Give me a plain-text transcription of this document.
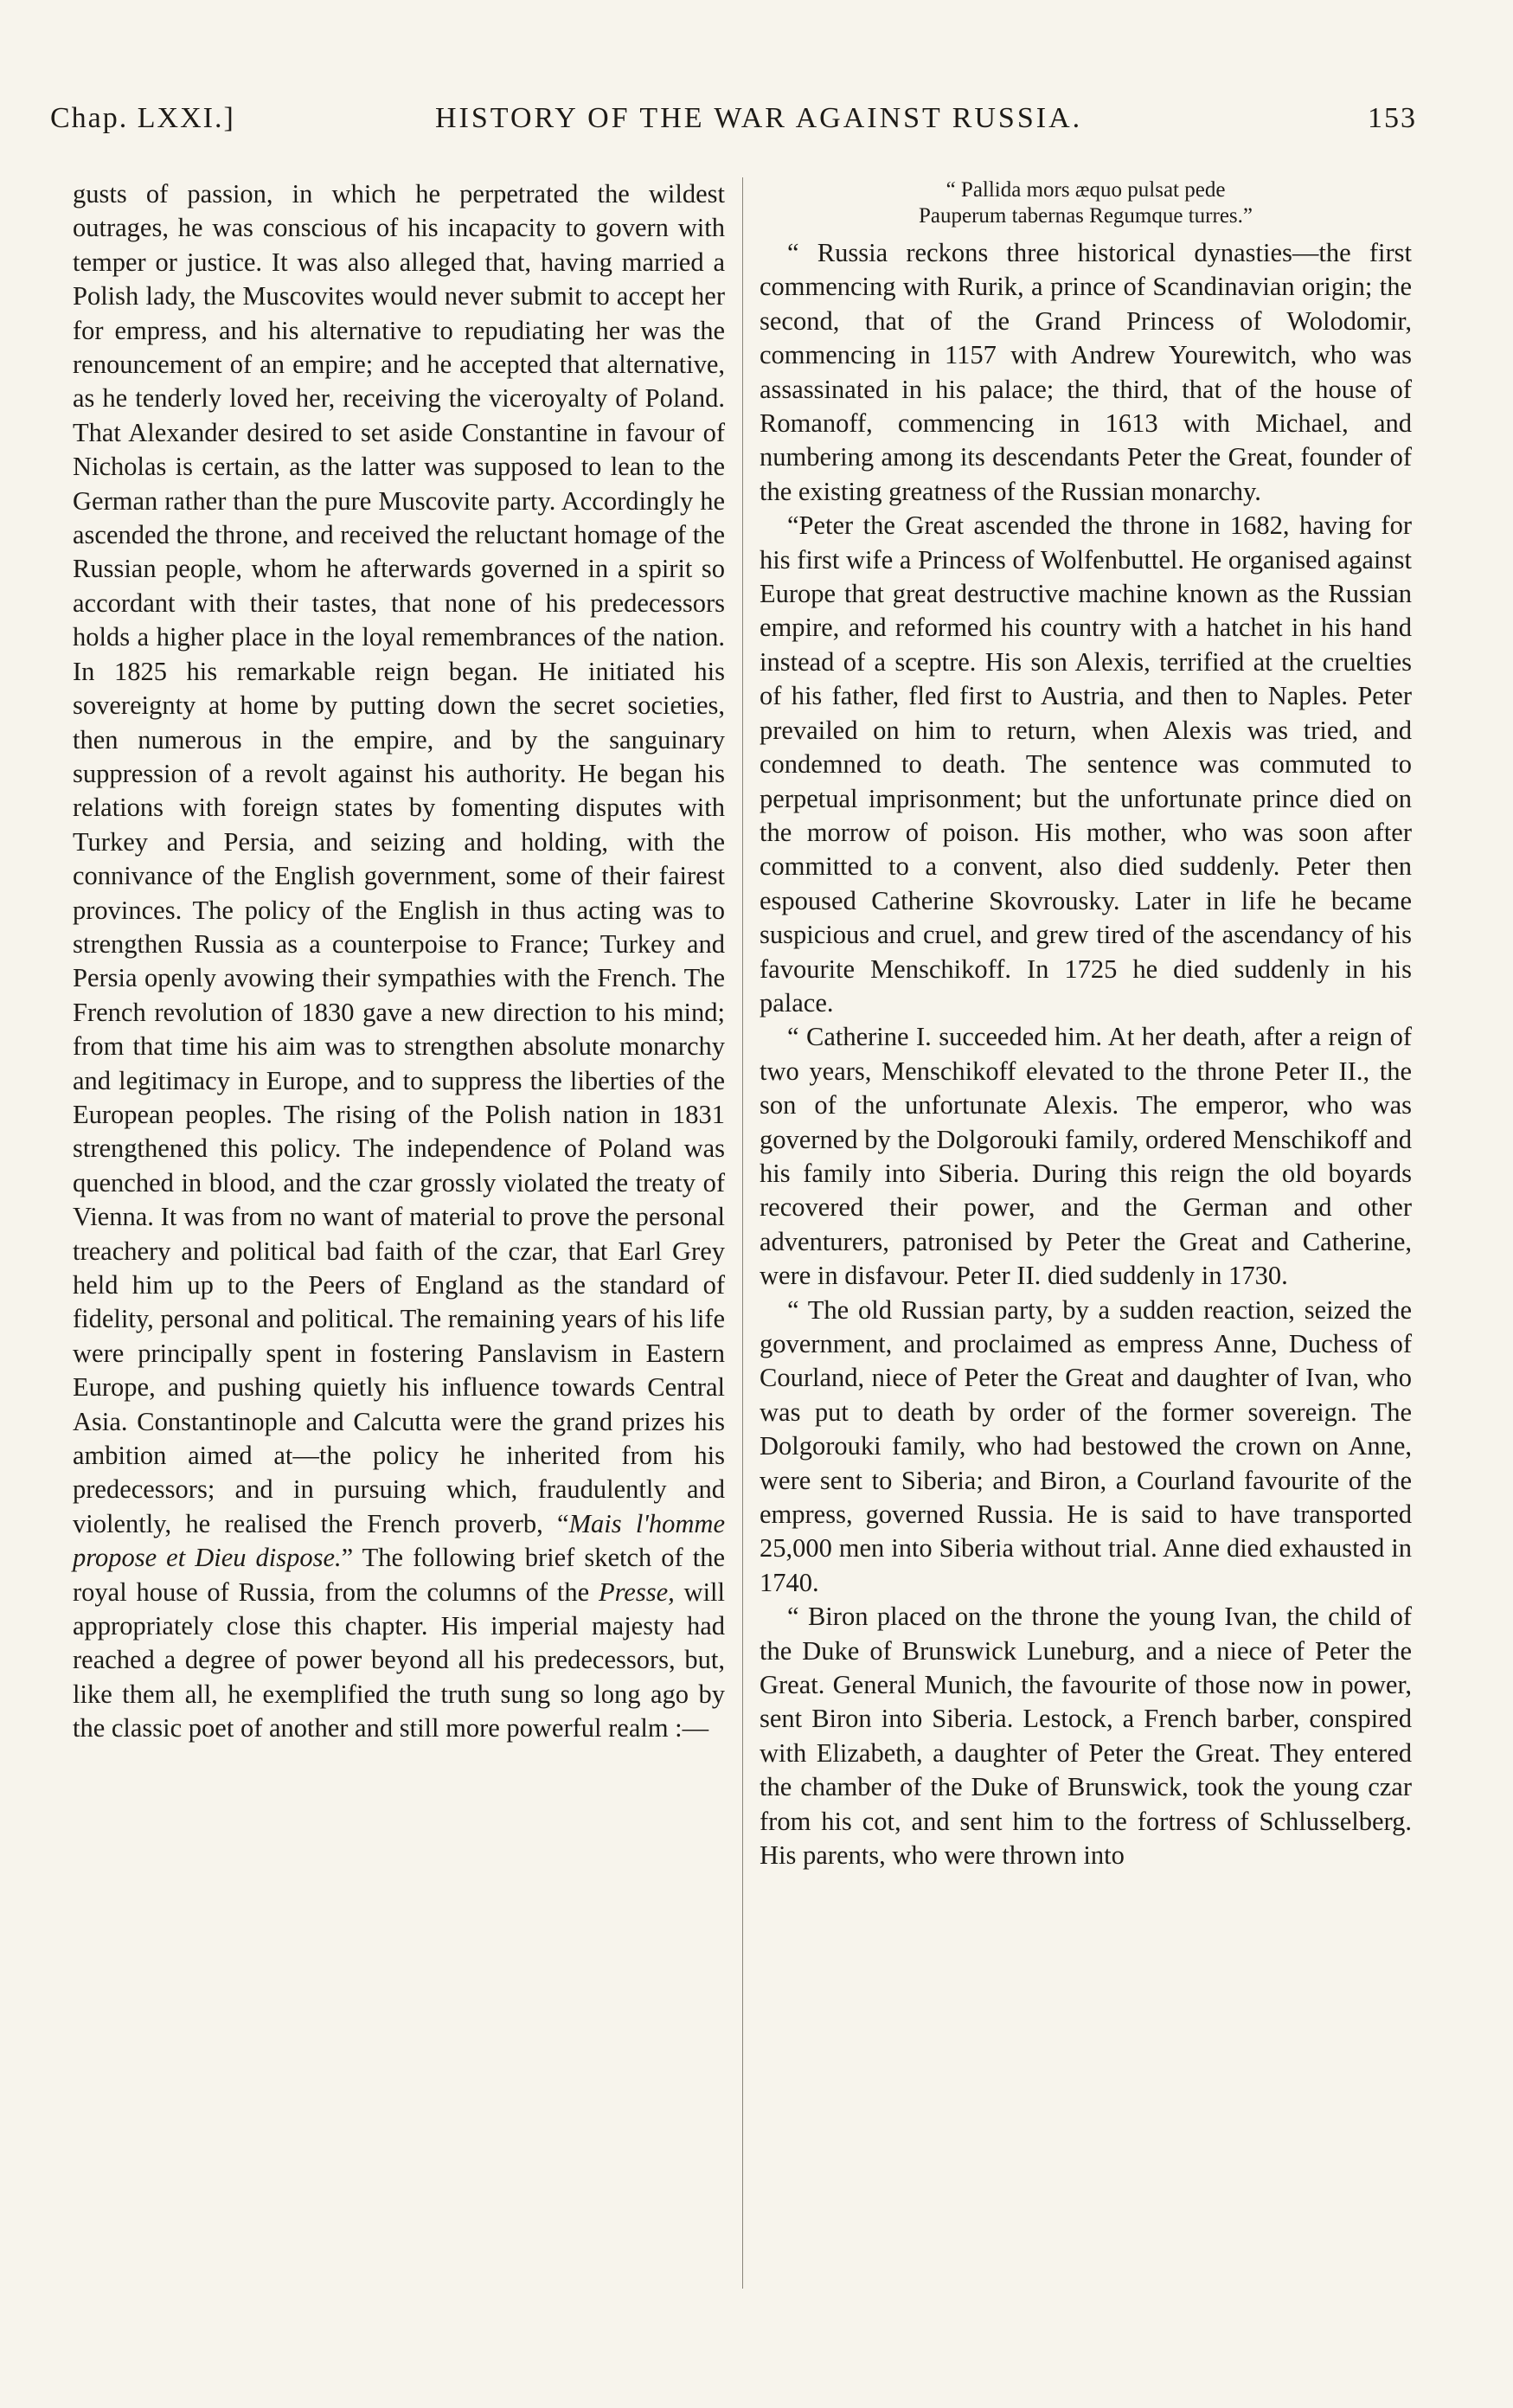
Chap. LXXI.]	HISTORY OF THE WAR AGAINST RUSSIA.	153

gusts of passion, in which he perpetrated the wildest outrages, he was conscious of his incapacity to govern with temper or justice. It was also alleged that, having married a Polish lady, the Muscovites would never submit to accept her for empress, and his alternative to repudiating her was the renouncement of an empire; and he accepted that alternative, as he tenderly loved her, receiving the viceroyalty of Poland. That Alexander desired to set aside Constantine in favour of Nicholas is certain, as the latter was supposed to lean to the German rather than the pure Muscovite party. Accordingly he ascended the throne, and received the reluctant homage of the Russian people, whom he afterwards governed in a spirit so accordant with their tastes, that none of his predecessors holds a higher place in the loyal remembrances of the nation. In 1825 his remarkable reign began. He initiated his sovereignty at home by putting down the secret societies, then numerous in the empire, and by the sanguinary suppression of a revolt against his authority. He began his relations with foreign states by fomenting disputes with Turkey and Persia, and seizing and holding, with the connivance of the English government, some of their fairest provinces. The policy of the English in thus acting was to strengthen Russia as a counterpoise to France; Turkey and Persia openly avowing their sympathies with the French. The French revolution of 1830 gave a new direction to his mind; from that time his aim was to strengthen absolute monarchy and legitimacy in Europe, and to suppress the liberties of the European peoples. The rising of the Polish nation in 1831 strengthened this policy. The independence of Poland was quenched in blood, and the czar grossly violated the treaty of Vienna. It was from no want of material to prove the personal treachery and political bad faith of the czar, that Earl Grey held him up to the Peers of England as the standard of fidelity, personal and political. The remaining years of his life were principally spent in fostering Panslavism in Eastern Europe, and pushing quietly his influence towards Central Asia. Constantinople and Calcutta were the grand prizes his ambition aimed at—the policy he inherited from his predecessors; and in pursuing which, fraudulently and violently, he realised the French proverb, “Mais l'homme propose et Dieu dispose.” The following brief sketch of the royal house of Russia, from the columns of the Presse, will appropriately close this chapter. His imperial majesty had reached a degree of power beyond all his predecessors, but, like them all, he exemplified the truth sung so long ago by the classic poet of another and still more powerful realm :—

“ Pallida mors æquo pulsat pede
Pauperum tabernas Regumque turres.”

“ Russia reckons three historical dynasties—the first commencing with Rurik, a prince of Scandinavian origin; the second, that of the Grand Princess of Wolodomir, commencing in 1157 with Andrew Yourewitch, who was assassinated in his palace; the third, that of the house of Romanoff, commencing in 1613 with Michael, and numbering among its descendants Peter the Great, founder of the existing greatness of the Russian monarchy.

“Peter the Great ascended the throne in 1682, having for his first wife a Princess of Wolfenbuttel. He organised against Europe that great destructive machine known as the Russian empire, and reformed his country with a hatchet in his hand instead of a sceptre. His son Alexis, terrified at the cruelties of his father, fled first to Austria, and then to Naples. Peter prevailed on him to return, when Alexis was tried, and condemned to death. The sentence was commuted to perpetual imprisonment; but the unfortunate prince died on the morrow of poison. His mother, who was soon after committed to a convent, also died suddenly. Peter then espoused Catherine Skovrousky. Later in life he became suspicious and cruel, and grew tired of the ascendancy of his favourite Menschikoff. In 1725 he died suddenly in his palace.

“ Catherine I. succeeded him. At her death, after a reign of two years, Menschikoff elevated to the throne Peter II., the son of the unfortunate Alexis. The emperor, who was governed by the Dolgorouki family, ordered Menschikoff and his family into Siberia. During this reign the old boyards recovered their power, and the German and other adventurers, patronised by Peter the Great and Catherine, were in disfavour. Peter II. died suddenly in 1730.

“ The old Russian party, by a sudden reaction, seized the government, and proclaimed as empress Anne, Duchess of Courland, niece of Peter the Great and daughter of Ivan, who was put to death by order of the former sovereign. The Dolgorouki family, who had bestowed the crown on Anne, were sent to Siberia; and Biron, a Courland favourite of the empress, governed Russia. He is said to have transported 25,000 men into Siberia without trial. Anne died exhausted in 1740.

“ Biron placed on the throne the young Ivan, the child of the Duke of Brunswick Luneburg, and a niece of Peter the Great. General Munich, the favourite of those now in power, sent Biron into Siberia. Lestock, a French barber, conspired with Elizabeth, a daughter of Peter the Great. They entered the chamber of the Duke of Brunswick, took the young czar from his cot, and sent him to the fortress of Schlusselberg. His parents, who were thrown into
